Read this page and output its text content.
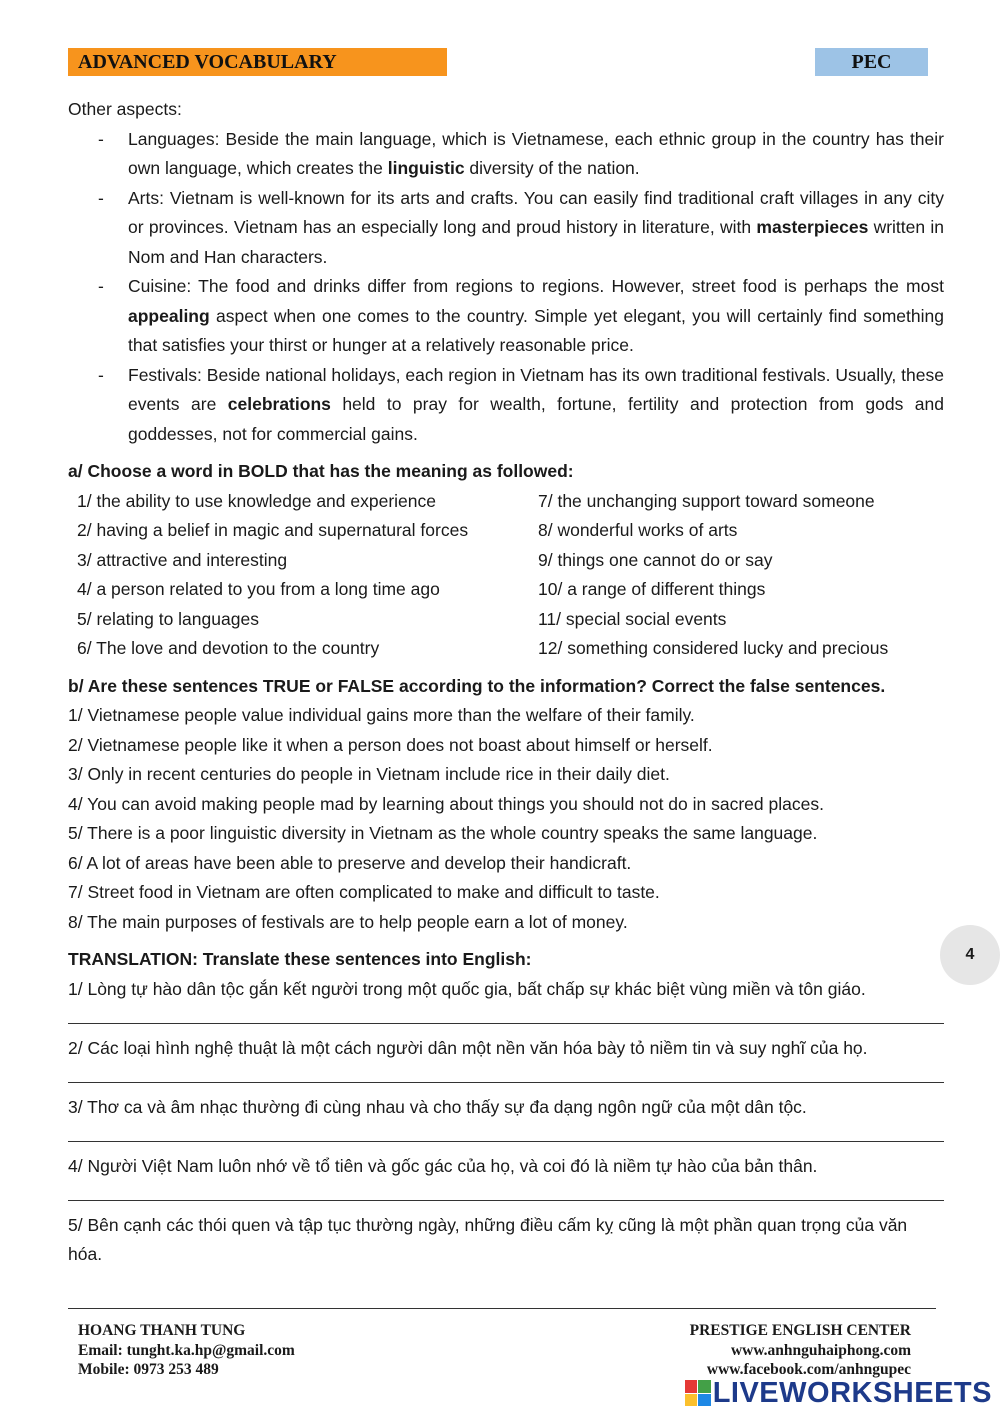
ADVANCED VOCABULARY	PEC

Other aspects:

- Languages: Beside the main language, which is Vietnamese, each ethnic group in the country has their own language, which creates the linguistic diversity of the nation.
- Arts: Vietnam is well-known for its arts and crafts. You can easily find traditional craft villages in any city or provinces. Vietnam has an especially long and proud history in literature, with masterpieces written in Nom and Han characters.
- Cuisine: The food and drinks differ from regions to regions. However, street food is perhaps the most appealing aspect when one comes to the country. Simple yet elegant, you will certainly find something that satisfies your thirst or hunger at a relatively reasonable price.
- Festivals: Beside national holidays, each region in Vietnam has its own traditional festivals. Usually, these events are celebrations held to pray for wealth, fortune, fertility and protection from gods and goddesses, not for commercial gains.
a/ Choose a word in BOLD that has the meaning as followed:
1/ the ability to use knowledge and experience
2/ having a belief in magic and supernatural forces
3/ attractive and interesting
4/ a person related to you from a long time ago
5/ relating to languages
6/ The love and devotion to the country
7/ the unchanging support toward someone
8/ wonderful works of arts
9/ things one cannot do or say
10/ a range of different things
11/ special social events
12/ something considered lucky and precious
b/ Are these sentences TRUE or FALSE according to the information? Correct the false sentences.
1/ Vietnamese people value individual gains more than the welfare of their family.
2/ Vietnamese people like it when a person does not boast about himself or herself.
3/ Only in recent centuries do people in Vietnam include rice in their daily diet.
4/ You can avoid making people mad by learning about things you should not do in sacred places.
5/ There is a poor linguistic diversity in Vietnam as the whole country speaks the same language.
6/ A lot of areas have been able to preserve and develop their handicraft.
7/ Street food in Vietnam are often complicated to make and difficult to taste.
8/ The main purposes of festivals are to help people earn a lot of money.
TRANSLATION: Translate these sentences into English:
1/ Lòng tự hào dân tộc gắn kết người trong một quốc gia, bất chấp sự khác biệt vùng miền và tôn giáo.
2/ Các loại hình nghệ thuật là một cách người dân một nền văn hóa bày tỏ niềm tin và suy nghĩ của họ.
3/ Thơ ca và âm nhạc thường đi cùng nhau và cho thấy sự đa dạng ngôn ngữ của một dân tộc.
4/ Người Việt Nam luôn nhớ về tổ tiên và gốc gác của họ, và coi đó là niềm tự hào của bản thân.
5/ Bên cạnh các thói quen và tập tục thường ngày, những điều cấm kỵ cũng là một phần quan trọng của văn hóa.
HOANG THANH TUNG
Email: tunght.ka.hp@gmail.com
Mobile: 0973 253 489
PRESTIGE ENGLISH CENTER
www.anhnguhaiphong.com
www.facebook.com/anhngupec
4
LIVEWORKSHEETS
